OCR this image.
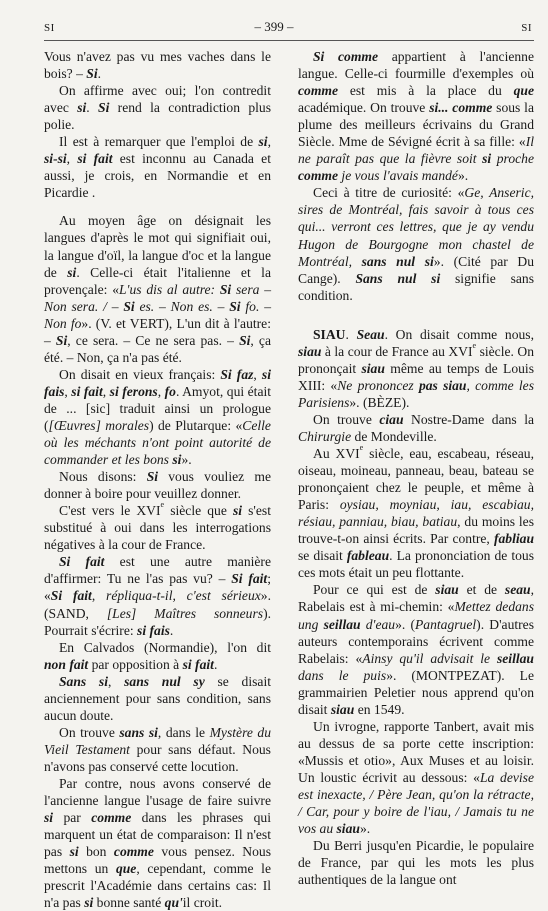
SI	– 399 –	SI

Vous n'avez pas vu mes vaches dans le bois? – Si.

On affirme avec oui; l'on contredit avec si. Si rend la contradiction plus polie.

Il est à remarquer que l'emploi de si, si-si, si fait est inconnu au Canada et aussi, je crois, en Normandie et en Picardie .

Au moyen âge on désignait les langues d'après le mot qui signifiait oui, la langue d'oïl, la langue d'oc et la langue de si. Celle-ci était l'italienne et la provençale: «L'us dis al autre: Si sera – Non sera. / – Si es. – Non es. – Si fo. – Non fo». (V. et VERT), L'un dit à l'autre: – Si, ce sera. – Ce ne sera pas. – Si, ça été. – Non, ça n'a pas été.

On disait en vieux français: Si faz, si fais, si fait, si ferons, fo. Amyot, qui était de ... [sic] traduit ainsi un prologue ([Œuvres] morales) de Plutarque: «Celle où les méchants n'ont point autorité de commander et les bons si».

Nous disons: Si vous vouliez me donner à boire pour veuillez donner.

C'est vers le XVIe siècle que si s'est substitué à oui dans les interrogations négatives à la cour de France.

Si fait est une autre manière d'affirmer: Tu ne l'as pas vu? – Si fait; «Si fait, répliqua-t-il, c'est sérieux». (SAND, [Les] Maîtres sonneurs). Pourrait s'écrire: si fais.

En Calvados (Normandie), l'on dit non fait par opposition à si fait.

Sans si, sans nul sy se disait anciennement pour sans condition, sans aucun doute.

On trouve sans si, dans le Mystère du Vieil Testament pour sans défaut. Nous n'avons pas conservé cette locution.

Par contre, nous avons conservé de l'ancienne langue l'usage de faire suivre si par comme dans les phrases qui marquent un état de comparaison: Il n'est pas si bon comme vous pensez. Nous mettons un que, cependant, comme le prescrit l'Académie dans certains cas: Il n'a pas si bonne santé qu'il croit.

Si comme appartient à l'ancienne langue. Celle-ci fourmille d'exemples où comme est mis à la place du que académique. On trouve si... comme sous la plume des meilleurs écrivains du Grand Siècle. Mme de Sévigné écrit à sa fille: «Il ne paraît pas que la fièvre soit si proche comme je vous l'avais mandé».

Ceci à titre de curiosité: «Ge, Anseric, sires de Montréal, fais savoir à tous ces qui... verront ces lettres, que je ay vendu Hugon de Bourgogne mon chastel de Montréal, sans nul si». (Cité par Du Cange). Sans nul si signifie sans condition.

SIAU. Seau. On disait comme nous, siau à la cour de France au XVIe siècle. On prononçait siau même au temps de Louis XIII: «Ne prononcez pas siau, comme les Parisiens». (BÈZE).

On trouve ciau Nostre-Dame dans la Chirurgie de Mondeville.

Au XVIe siècle, eau, escabeau, réseau, oiseau, moineau, panneau, beau, bateau se prononçaient chez le peuple, et même à Paris: oysiau, moyniau, iau, escabiau, résiau, panniau, biau, batiau, du moins les trouve-t-on ainsi écrits. Par contre, fabliau se disait fableau. La prononciation de tous ces mots était un peu flottante.

Pour ce qui est de siau et de seau, Rabelais est à mi-chemin: «Mettez dedans ung seillau d'eau». (Pantagruel). D'autres auteurs contemporains écrivent comme Rabelais: «Ainsy qu'il advisait le seillau dans le puis». (MONTPEZAT). Le grammairien Peletier nous apprend qu'on disait siau en 1549.

Un ivrogne, rapporte Tanbert, avait mis au dessus de sa porte cette inscription: «Mussis et otio», Aux Muses et au loisir. Un loustic écrivit au dessous: «La devise est inexacte, / Père Jean, qu'on la rétracte, / Car, pour y boire de l'iau, / Jamais tu ne vos au siau».

Du Berri jusqu'en Picardie, le populaire de France, par qui les mots les plus authentiques de la langue ont
